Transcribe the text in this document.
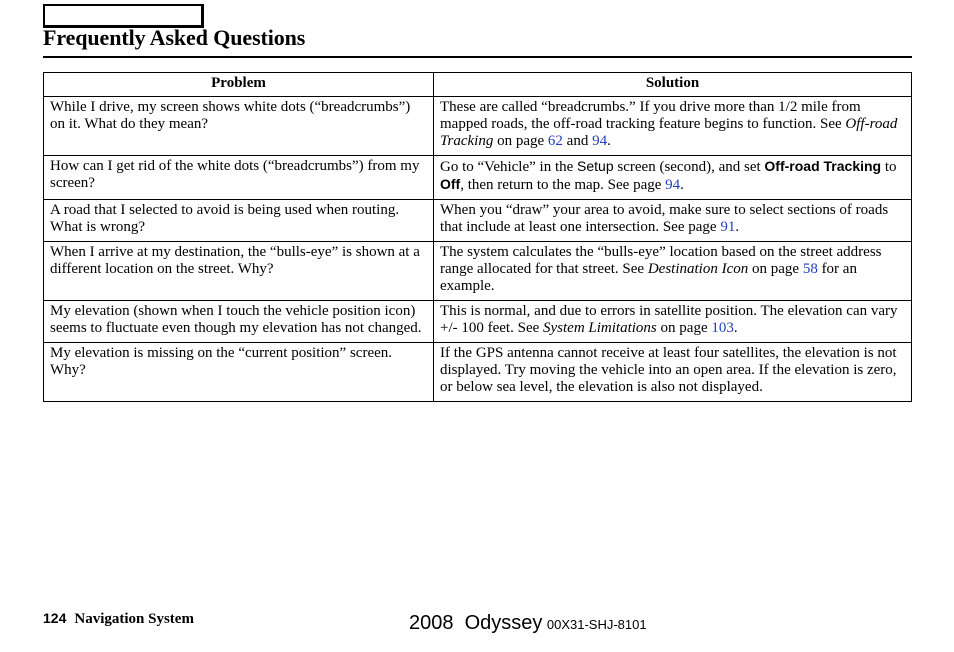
Frequently Asked Questions
Problem	Solution
While I drive, my screen shows white dots (“breadcrumbs”) on it. What do they mean?	These are called “breadcrumbs.” If you drive more than 1/2 mile from mapped roads, the off-road tracking feature begins to function. See Off-road Tracking on page 62 and 94.
How can I get rid of the white dots (“breadcrumbs”) from my screen?	Go to “Vehicle” in the Setup screen (second), and set Off-road Tracking to Off, then return to the map. See page 94.
A road that I selected to avoid is being used when routing. What is wrong?	When you “draw” your area to avoid, make sure to select sections of roads that include at least one intersection. See page 91.
When I arrive at my destination, the “bulls-eye” is shown at a different location on the street. Why?	The system calculates the “bulls-eye” location based on the street address range allocated for that street. See Destination Icon on page 58 for an example.
My elevation (shown when I touch the vehicle position icon) seems to fluctuate even though my elevation has not changed.	This is normal, and due to errors in satellite position. The elevation can vary +/- 100 feet. See System Limitations on page 103.
My elevation is missing on the “current position” screen. Why?	If the GPS antenna cannot receive at least four satellites, the elevation is not displayed. Try moving the vehicle into an open area. If the elevation is zero, or below sea level, the elevation is also not displayed.
124 Navigation System	2008  Odyssey 00X31-SHJ-8101
